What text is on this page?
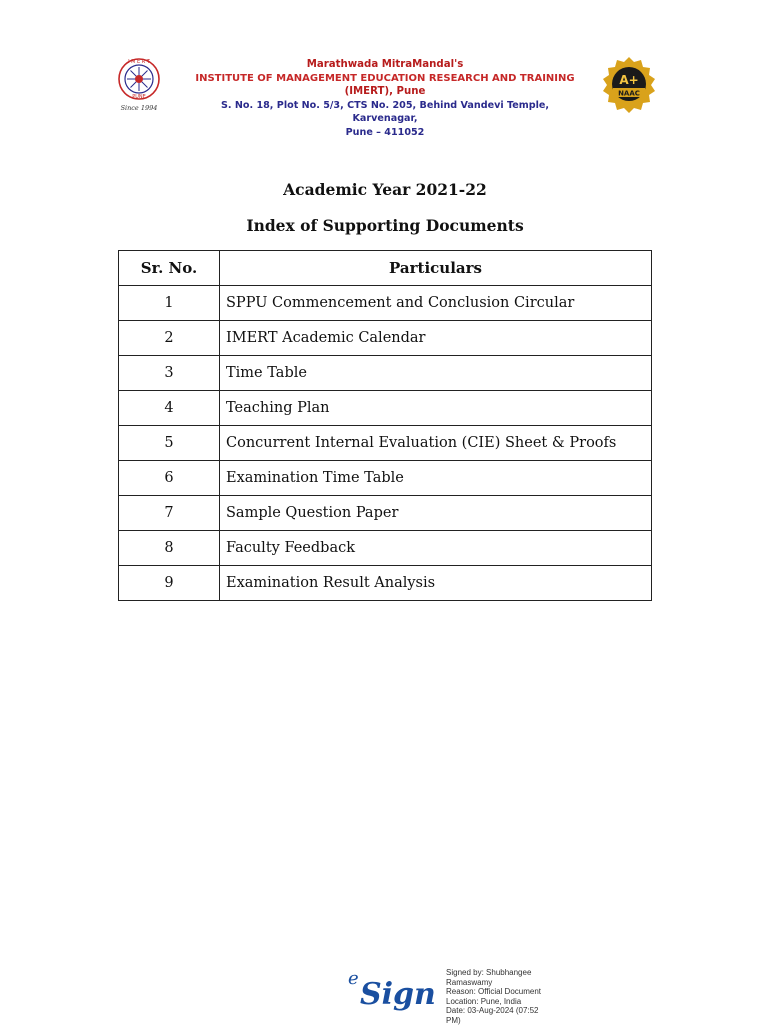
I M E R T
PUNE
Since 1994
Marathwada MitraMandal's
INSTITUTE OF MANAGEMENT EDUCATION RESEARCH AND TRAINING
(IMERT), Pune
S. No. 18, Plot No. 5/3, CTS No. 205, Behind Vandevi Temple, Karvenagar,
Pune – 411052
A+
NAAC
Academic Year 2021-22
Index of Supporting Documents
Sr. No.	Particulars
1	SPPU Commencement and Conclusion Circular
2	IMERT Academic Calendar
3	Time Table
4	Teaching Plan
5	Concurrent Internal Evaluation (CIE) Sheet & Proofs
6	Examination Time Table
7	Sample Question Paper
8	Faculty Feedback
9	Examination Result Analysis
e Sign
Signed by: Shubhangee
Ramaswamy
Reason: Official Document
Location: Pune, India
Date: 03-Aug-2024 (07:52
PM)
